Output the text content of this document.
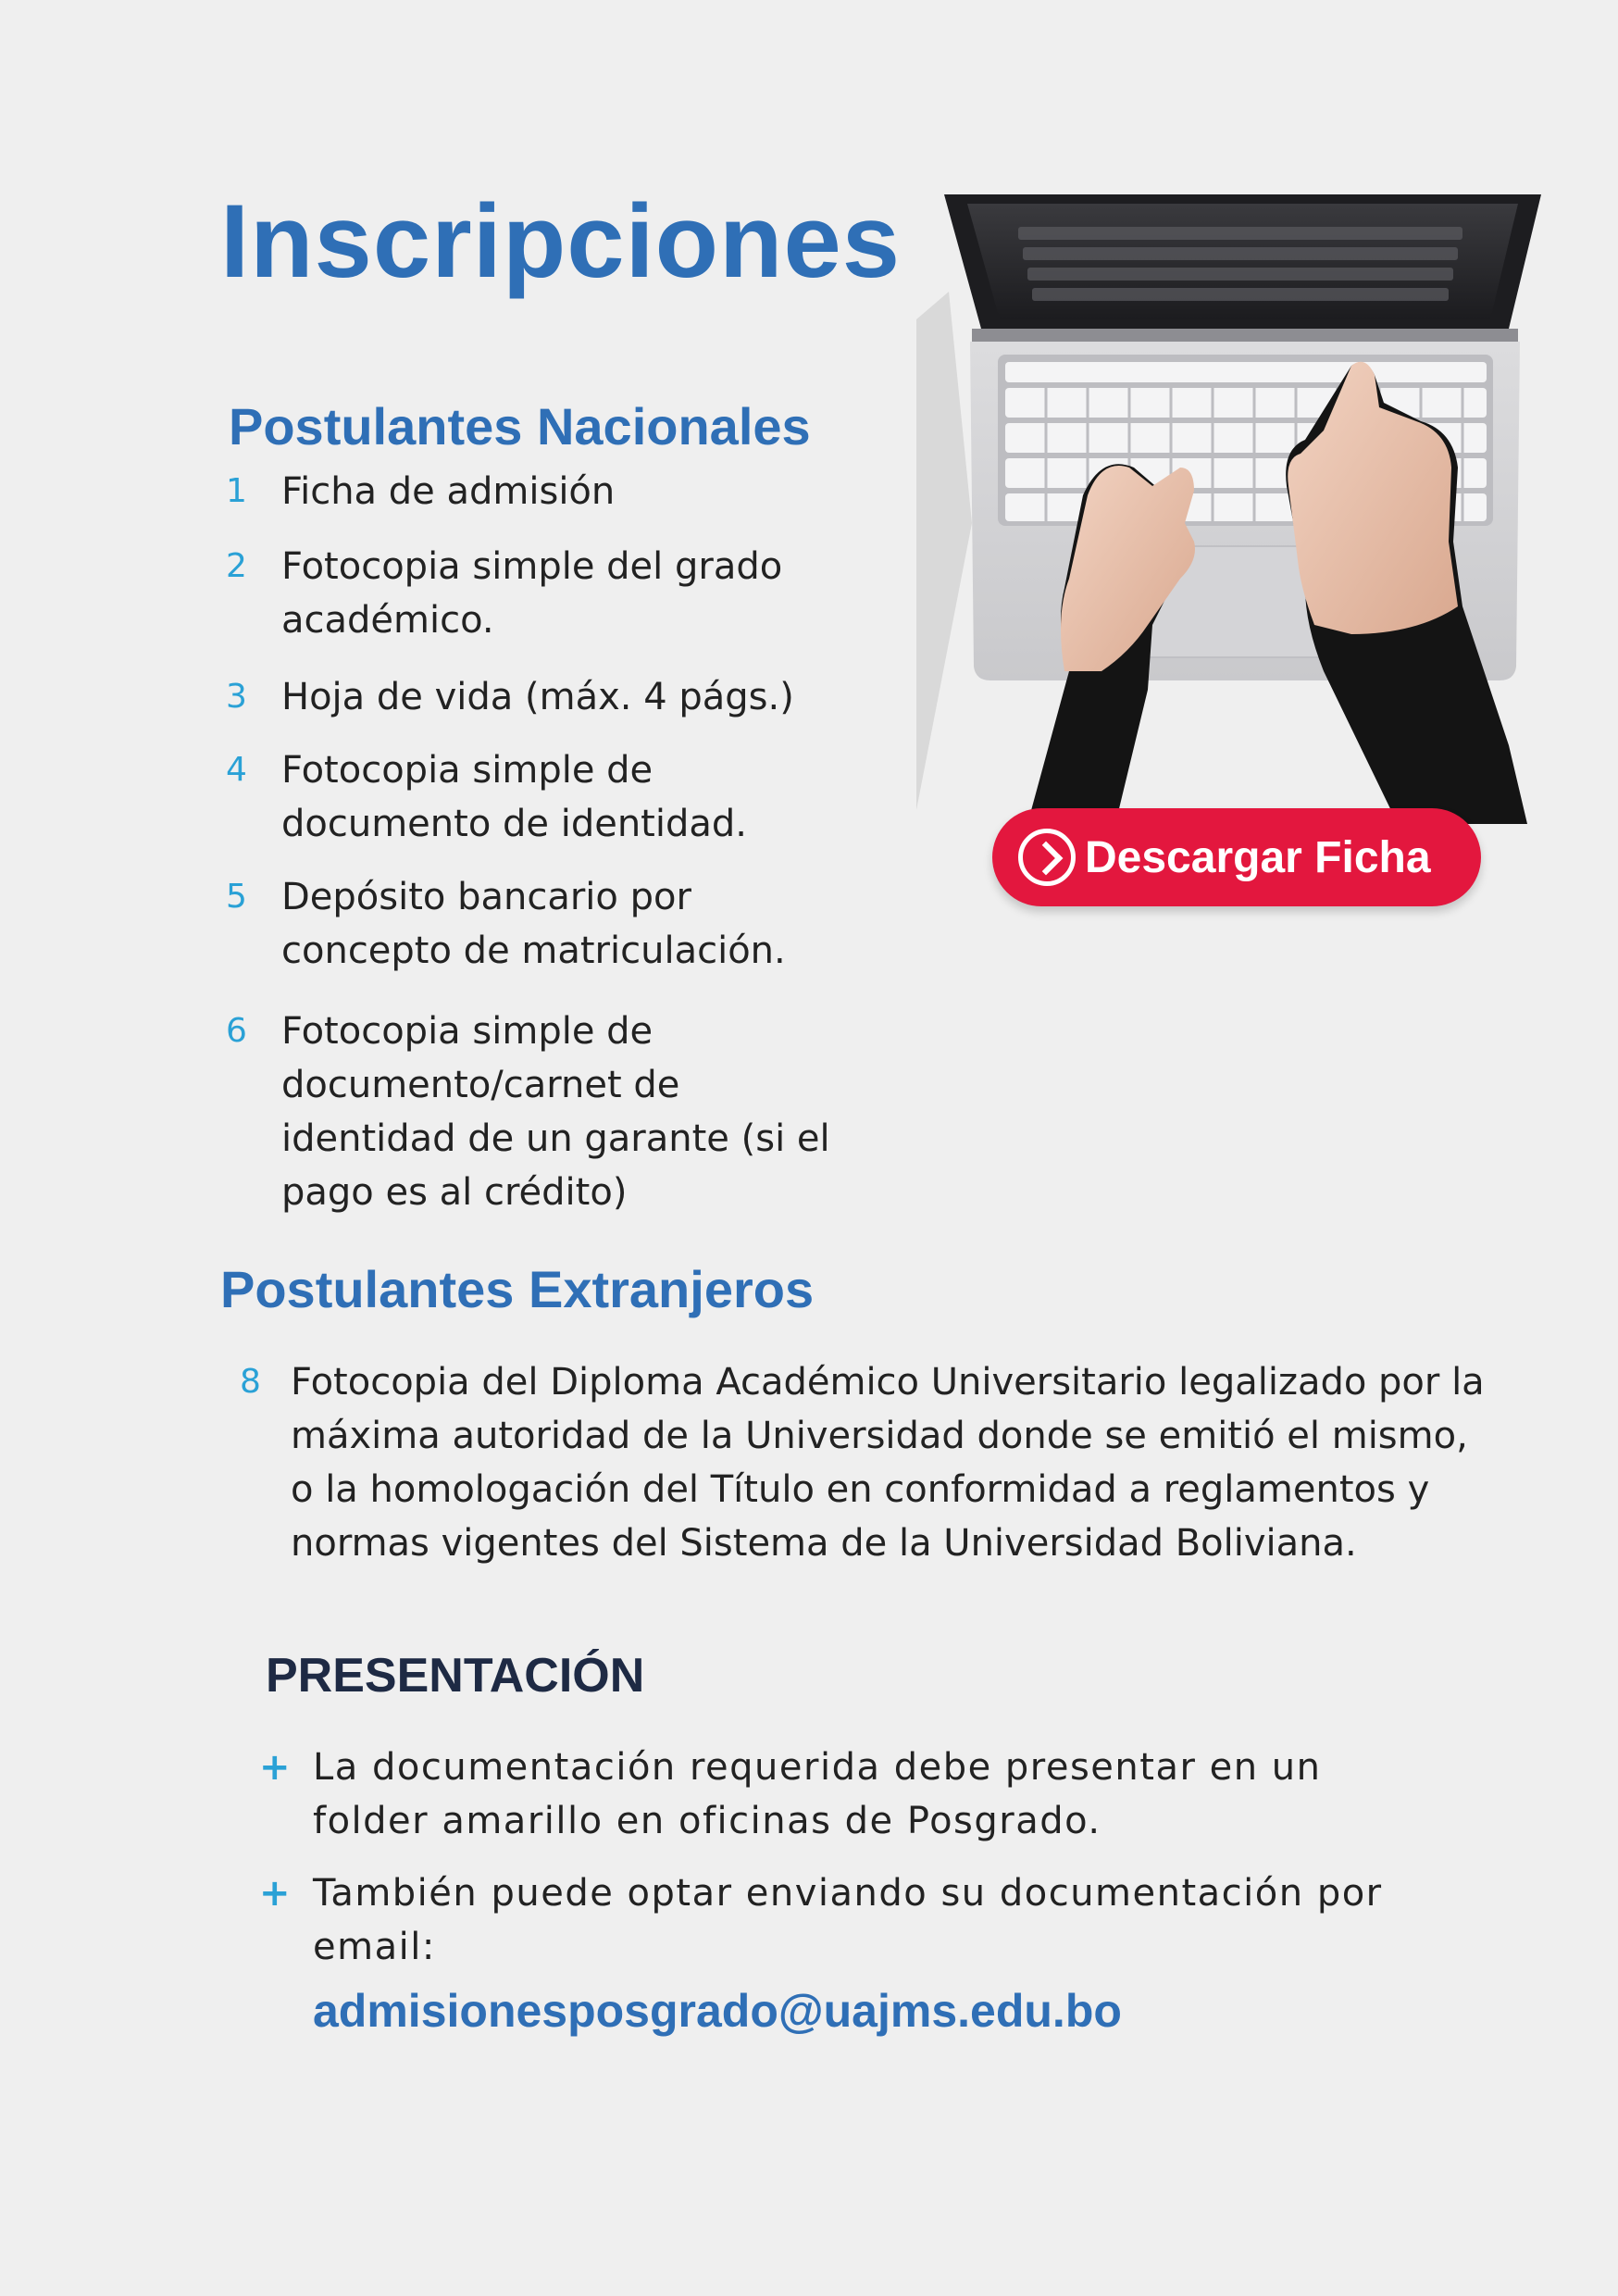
Inscripciones
Descargar Ficha
Postulantes Nacionales
1 Ficha de admisión
2 Fotocopia simple del grado
académico.
3 Hoja de vida (máx. 4 págs.)
4 Fotocopia simple de
documento de identidad.
5 Depósito bancario por
concepto de matriculación.
6 Fotocopia simple de
documento/carnet de
identidad de un garante (si el
pago es al crédito)
Postulantes Extranjeros
8 Fotocopia del Diploma Académico Universitario legalizado por la
máxima autoridad de la Universidad donde se emitió el mismo,
o la homologación del Título en conformidad a reglamentos y
normas vigentes del Sistema de la Universidad Boliviana.
PRESENTACIÓN
+ La documentación requerida debe presentar en un
folder amarillo en oficinas de Posgrado.
+ También puede optar enviando su documentación por
email:
admisionesposgrado@uajms.edu.bo
